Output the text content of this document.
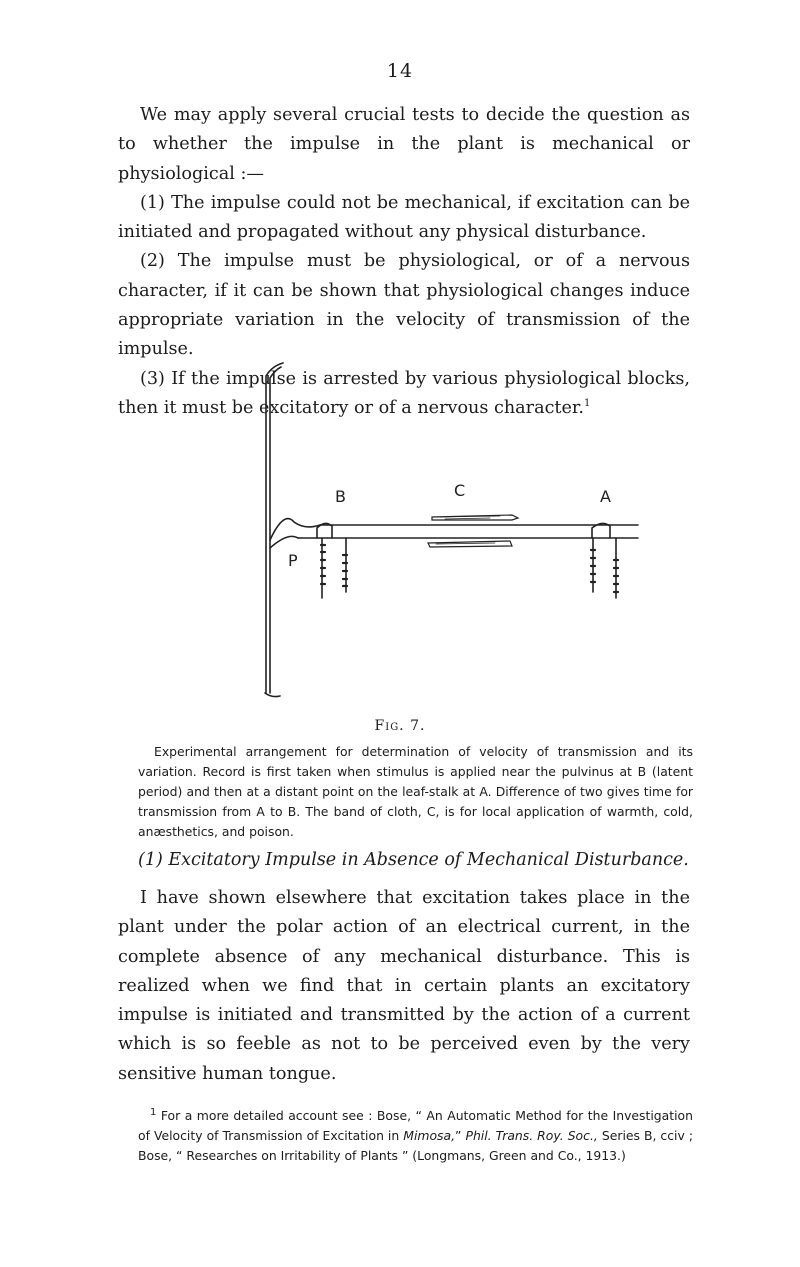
14

We may apply several crucial tests to decide the question as to whether the impulse in the plant is mechanical or physiological :—

(1) The impulse could not be mechanical, if excitation can be initiated and propagated without any physical disturbance.

(2) The impulse must be physiological, or of a nervous character, if it can be shown that physiological changes induce appropriate variation in the velocity of transmission of the impulse.

(3) If the impulse is arrested by various physiological blocks, then it must be excitatory or of a nervous character.$^1$

B	C	A
P
Fig. 7.

Experimental arrangement for determination of velocity of transmission and its variation. Record is first taken when stimulus is applied near the pulvinus at B (latent period) and then at a distant point on the leaf-stalk at A. Difference of two gives time for transmission from A to B. The band of cloth, C, is for local application of warmth, cold, anæsthetics, and poison.

(1) Excitatory Impulse in Absence of Mechanical Disturbance.

I have shown elsewhere that excitation takes place in the plant under the polar action of an electrical current, in the complete absence of any mechanical disturbance. This is realized when we find that in certain plants an excitatory impulse is initiated and transmitted by the action of a current which is so feeble as not to be perceived even by the very sensitive human tongue.

$^1$ For a more detailed account see : Bose, “ An Automatic Method for the Investigation of Velocity of Transmission of Excitation in Mimosa,” Phil. Trans. Roy. Soc., Series B, cciv ; Bose, “ Researches on Irritability of Plants ” (Longmans, Green and Co., 1913.)
